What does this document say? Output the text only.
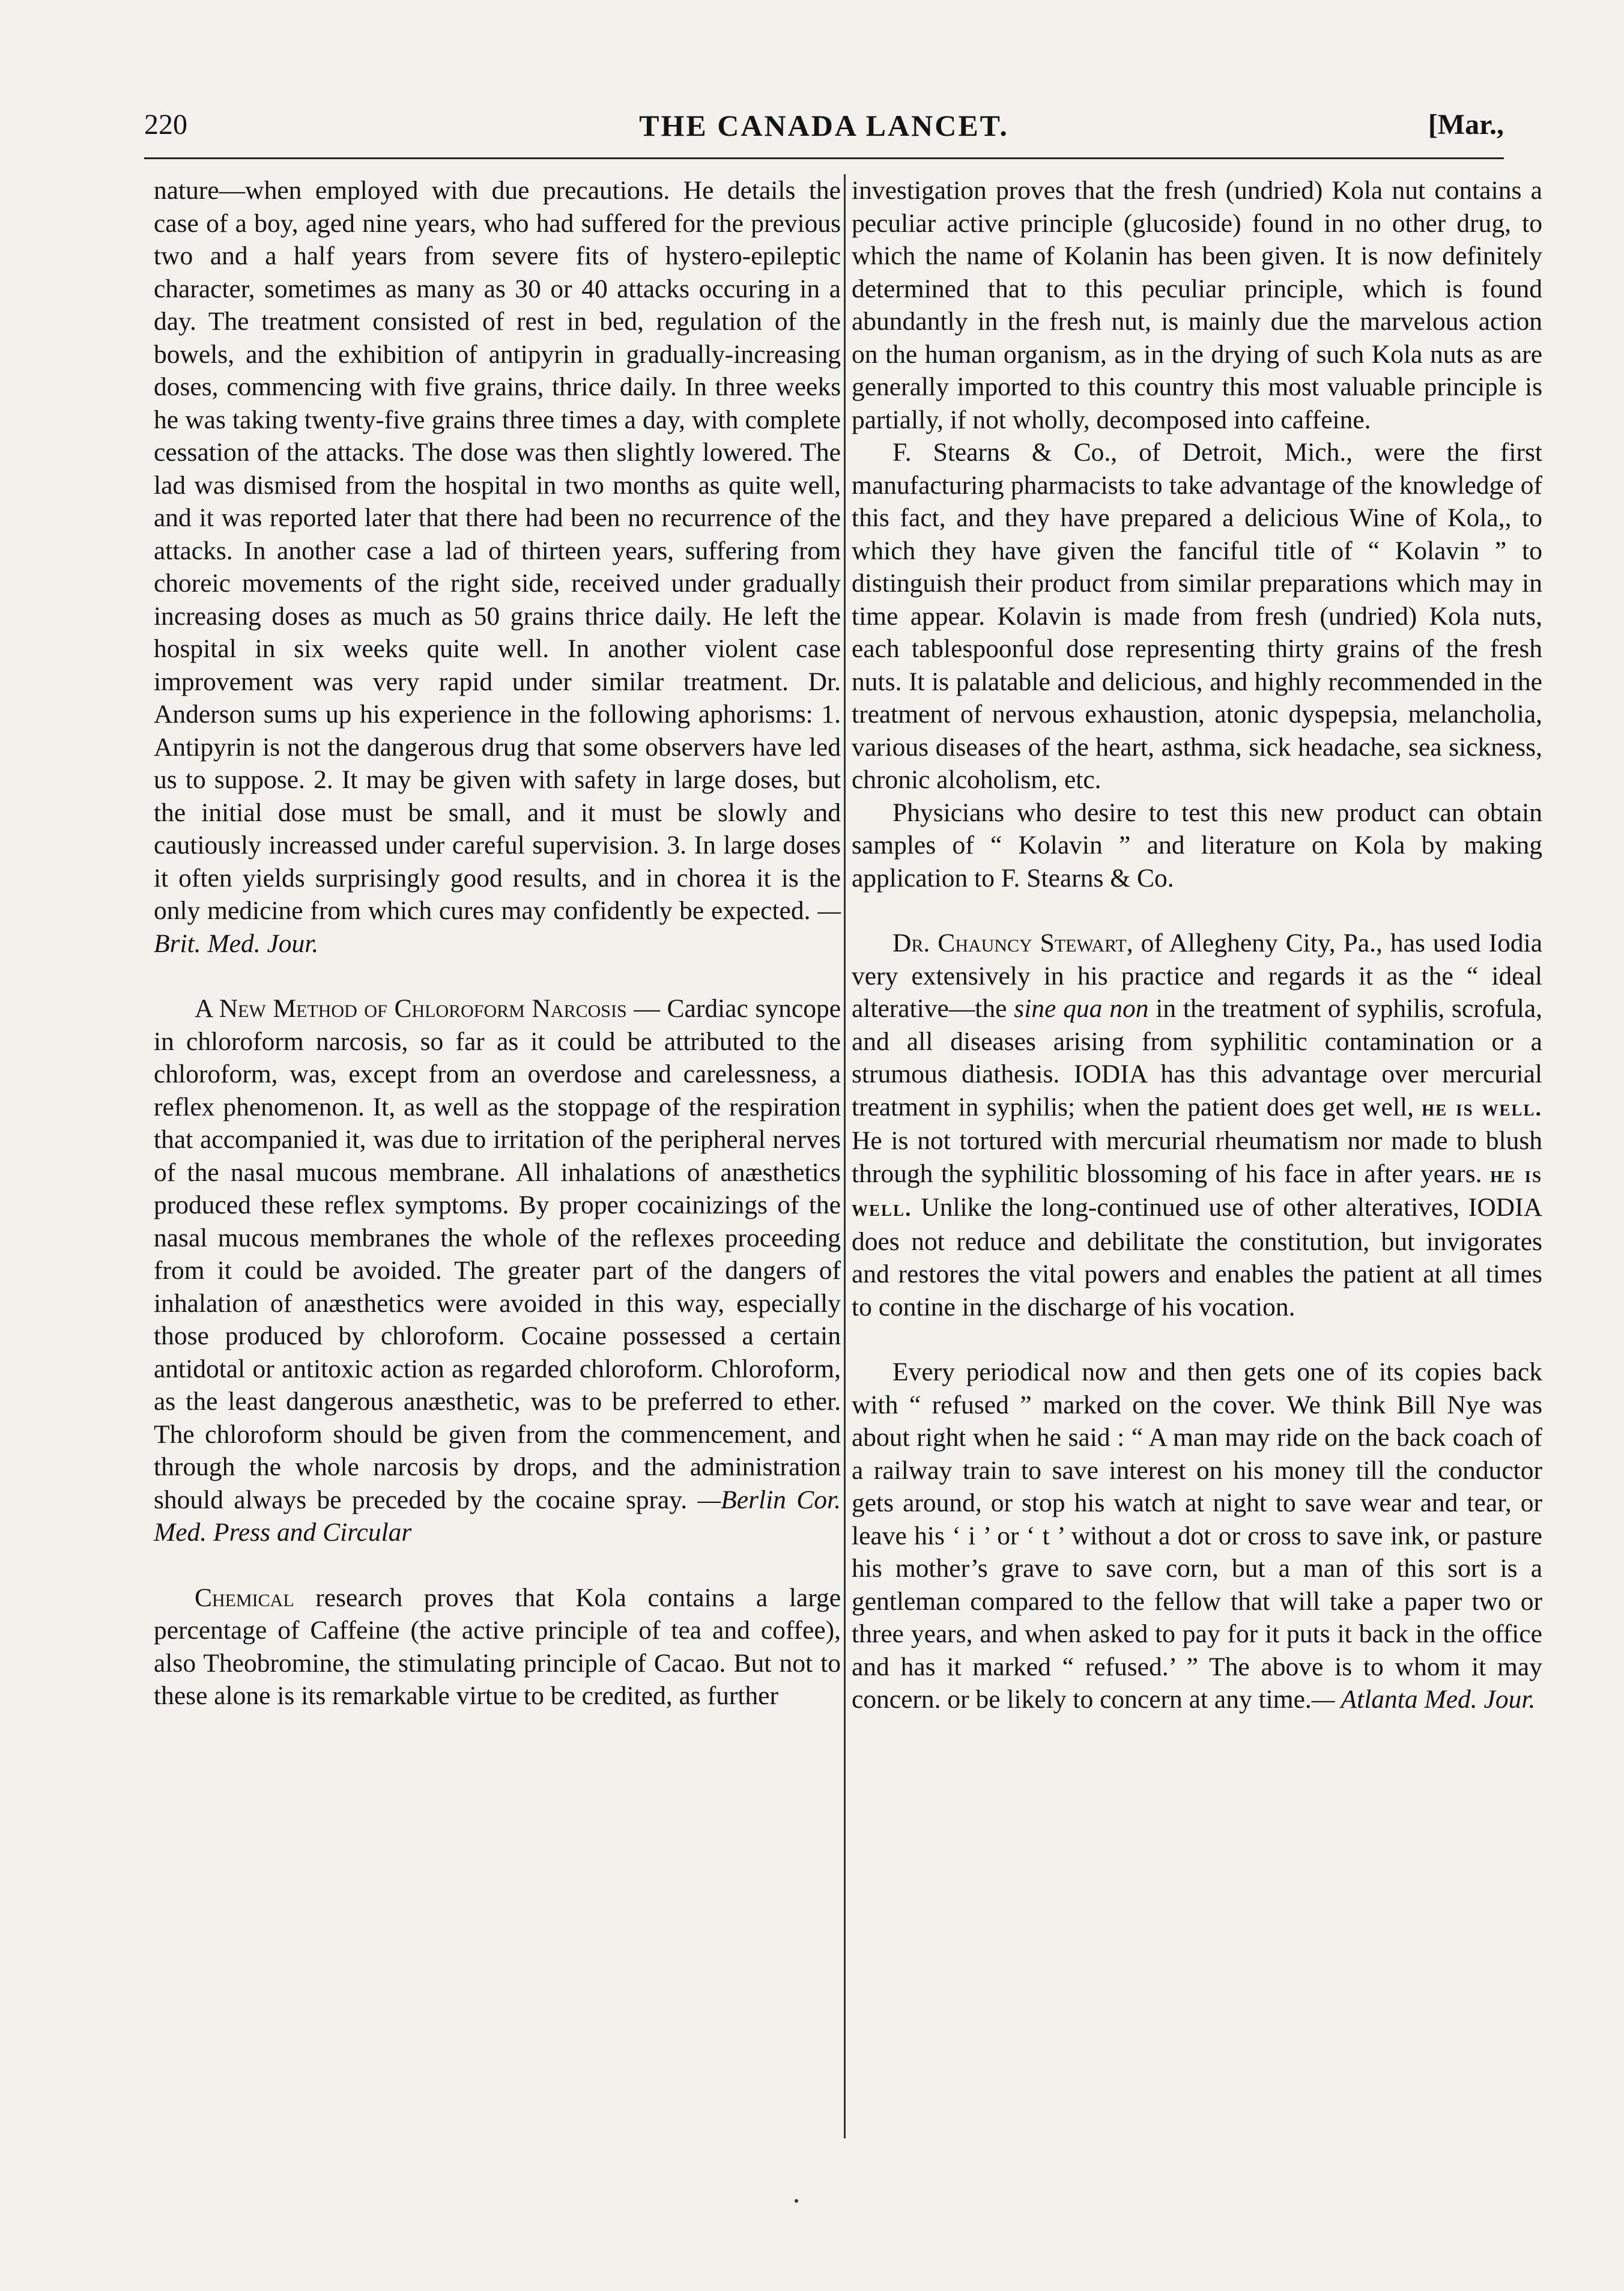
220	THE CANADA LANCET.	[Mar.,

nature—when employed with due precautions. He details the case of a boy, aged nine years, who had suffered for the previous two and a half years from severe fits of hystero-epileptic character, sometimes as many as 30 or 40 attacks occuring in a day. The treatment consisted of rest in bed, regulation of the bowels, and the exhibition of antipyrin in gradually-increasing doses, commencing with five grains, thrice daily. In three weeks he was taking twenty-five grains three times a day, with complete cessation of the attacks. The dose was then slightly lowered. The lad was dismised from the hospital in two months as quite well, and it was reported later that there had been no recurrence of the attacks. In another case a lad of thirteen years, suffering from choreic movements of the right side, received under gradually increasing doses as much as 50 grains thrice daily. He left the hospital in six weeks quite well. In another violent case improvement was very rapid under similar treatment. Dr. Anderson sums up his experience in the following aphorisms: 1. Antipyrin is not the dangerous drug that some observers have led us to suppose. 2. It may be given with safety in large doses, but the initial dose must be small, and it must be slowly and cautiously increassed under careful supervision. 3. In large doses it often yields surprisingly good results, and in chorea it is the only medicine from which cures may confidently be expected. —Brit. Med. Jour.

A New Method of Chloroform Narcosis — Cardiac syncope in chloroform narcosis, so far as it could be attributed to the chloroform, was, except from an overdose and carelessness, a reflex phenomenon. It, as well as the stoppage of the respiration that accompanied it, was due to irritation of the peripheral nerves of the nasal mucous membrane. All inhalations of anæsthetics produced these reflex symptoms. By proper cocainizings of the nasal mucous membranes the whole of the reflexes proceeding from it could be avoided. The greater part of the dangers of inhalation of anæsthetics were avoided in this way, especially those produced by chloroform. Cocaine possessed a certain antidotal or antitoxic action as regarded chloroform. Chloroform, as the least dangerous anæsthetic, was to be preferred to ether. The chloroform should be given from the commencement, and through the whole narcosis by drops, and the administration should always be preceded by the cocaine spray. —Berlin Cor. Med. Press and Circular

Chemical research proves that Kola contains a large percentage of Caffeine (the active principle of tea and coffee), also Theobromine, the stimulating principle of Cacao. But not to these alone is its remarkable virtue to be credited, as further

investigation proves that the fresh (undried) Kola nut contains a peculiar active principle (glucoside) found in no other drug, to which the name of Kolanin has been given. It is now definitely determined that to this peculiar principle, which is found abundantly in the fresh nut, is mainly due the marvelous action on the human organism, as in the drying of such Kola nuts as are generally imported to this country this most valuable principle is partially, if not wholly, decomposed into caffeine.

F. Stearns & Co., of Detroit, Mich., were the first manufacturing pharmacists to take advantage of the knowledge of this fact, and they have prepared a delicious Wine of Kola,, to which they have given the fanciful title of “ Kolavin ” to distinguish their product from similar preparations which may in time appear. Kolavin is made from fresh (undried) Kola nuts, each tablespoonful dose representing thirty grains of the fresh nuts. It is palatable and delicious, and highly recommended in the treatment of nervous exhaustion, atonic dyspepsia, melancholia, various diseases of the heart, asthma, sick headache, sea sickness, chronic alcoholism, etc.

Physicians who desire to test this new product can obtain samples of “ Kolavin ” and literature on Kola by making application to F. Stearns & Co.

Dr. Chauncy Stewart, of Allegheny City, Pa., has used Iodia very extensively in his practice and regards it as the “ ideal alterative—the sine qua non in the treatment of syphilis, scrofula, and all diseases arising from syphilitic contamination or a strumous diathesis. IODIA has this advantage over mercurial treatment in syphilis; when the patient does get well, he is well. He is not tortured with mercurial rheumatism nor made to blush through the syphilitic blossoming of his face in after years. he is well. Unlike the long-continued use of other alteratives, IODIA does not reduce and debilitate the constitution, but invigorates and restores the vital powers and enables the patient at all times to contine in the discharge of his vocation.

Every periodical now and then gets one of its copies back with “ refused ” marked on the cover. We think Bill Nye was about right when he said : “ A man may ride on the back coach of a railway train to save interest on his money till the conductor gets around, or stop his watch at night to save wear and tear, or leave his ‘ i ’ or ‘ t ’ without a dot or cross to save ink, or pasture his mother’s grave to save corn, but a man of this sort is a gentleman compared to the fellow that will take a paper two or three years, and when asked to pay for it puts it back in the office and has it marked “ refused.’ ” The above is to whom it may concern. or be likely to concern at any time.— Atlanta Med. Jour.
